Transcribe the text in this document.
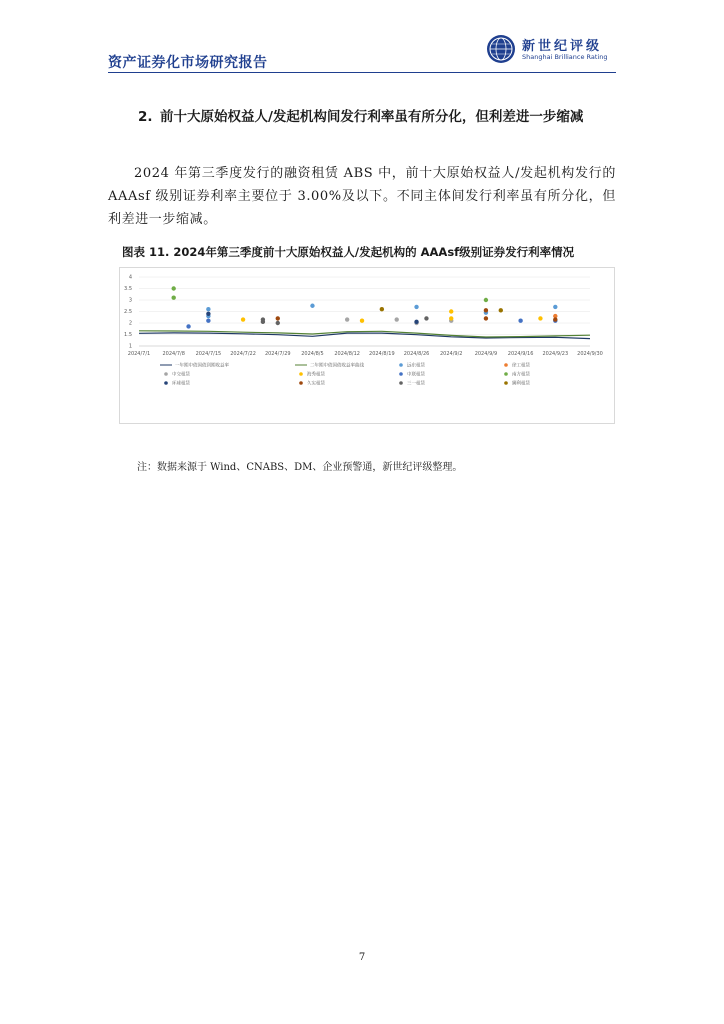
资产证券化市场研究报告
新世纪评级
Shanghai Brilliance Rating
2. 前十大原始权益人/发起机构间发行利率虽有所分化，但利差进一步缩减
2024 年第三季度发行的融资租赁 ABS 中，前十大原始权益人/发起机构发行的 AAAsf 级别证券利率主要位于 3.00%及以下。不同主体间发行利率虽有所分化，但利差进一步缩减。
图表 11. 2024年第三季度前十大原始权益人/发起机构的 AAAsf级别证券发行利率情况
1
1.5
2
2.5
3
3.5
4
2024/7/1 2024/7/8 2024/7/15 2024/7/22 2024/7/29 2024/8/5 2024/8/12 2024/8/19 2024/8/26 2024/9/2 2024/9/9 2024/9/16 2024/9/23 2024/9/30
一年期中债国债到期收益率	二年期中债国债收益率曲线	远东租赁	徐工租赁
中交租赁	海秀租赁	中联租赁	南方租赁
环球租赁	久实租赁	三一租赁	狮利租赁
注：数据来源于 Wind、CNABS、DM、企业预警通，新世纪评级整理。
7
